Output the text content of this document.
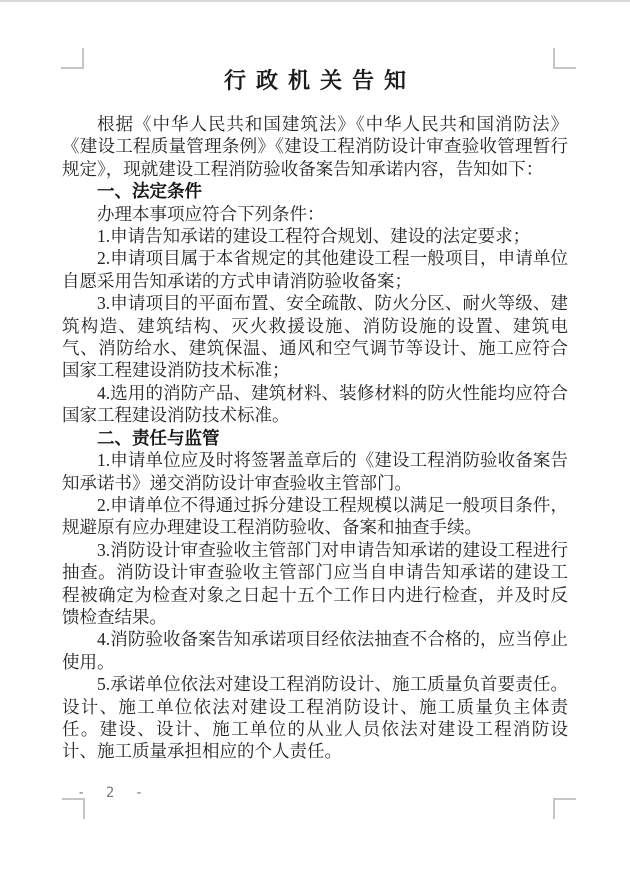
行政机关告知

根据《中华人民共和国建筑法》《中华人民共和国消防法》《建设工程质量管理条例》《建设工程消防设计审查验收管理暂行规定》，现就建设工程消防验收备案告知承诺内容，告知如下：

一、法定条件

办理本事项应符合下列条件：

1.申请告知承诺的建设工程符合规划、建设的法定要求；

2.申请项目属于本省规定的其他建设工程一般项目，申请单位自愿采用告知承诺的方式申请消防验收备案；

3.申请项目的平面布置、安全疏散、防火分区、耐火等级、建筑构造、建筑结构、灭火救援设施、消防设施的设置、建筑电气、消防给水、建筑保温、通风和空气调节等设计、施工应符合国家工程建设消防技术标准；

4.选用的消防产品、建筑材料、装修材料的防火性能均应符合国家工程建设消防技术标准。

二、责任与监管

1.申请单位应及时将签署盖章后的《建设工程消防验收备案告知承诺书》递交消防设计审查验收主管部门。

2.申请单位不得通过拆分建设工程规模以满足一般项目条件，规避原有应办理建设工程消防验收、备案和抽查手续。

3.消防设计审查验收主管部门对申请告知承诺的建设工程进行抽查。消防设计审查验收主管部门应当自申请告知承诺的建设工程被确定为检查对象之日起十五个工作日内进行检查，并及时反馈检查结果。

4.消防验收备案告知承诺项目经依法抽查不合格的，应当停止使用。

5.承诺单位依法对建设工程消防设计、施工质量负首要责任。设计、施工单位依法对建设工程消防设计、施工质量负主体责任。建设、设计、施工单位的从业人员依法对建设工程消防设计、施工质量承担相应的个人责任。

- 2 -
